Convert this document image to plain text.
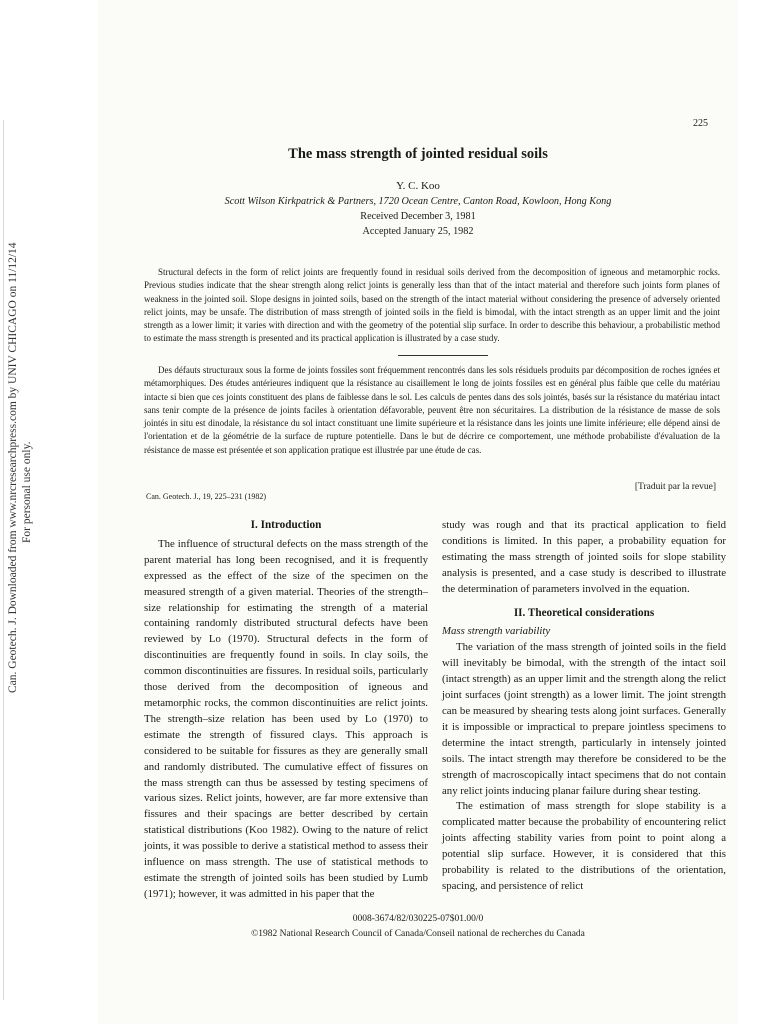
Can. Geotech. J. Downloaded from www.nrcresearchpress.com by UNIV CHICAGO on 11/12/14 For personal use only.
225
The mass strength of jointed residual soils
Y. C. Koo
Scott Wilson Kirkpatrick & Partners, 1720 Ocean Centre, Canton Road, Kowloon, Hong Kong
Received December 3, 1981
Accepted January 25, 1982

Structural defects in the form of relict joints are frequently found in residual soils derived from the decomposition of igneous and metamorphic rocks. Previous studies indicate that the shear strength along relict joints is generally less than that of the intact material and therefore such joints form planes of weakness in the jointed soil. Slope designs in jointed soils, based on the strength of the intact material without considering the presence of adversely oriented relict joints, may be unsafe. The distribution of mass strength of jointed soils in the field is bimodal, with the intact strength as an upper limit and the joint strength as a lower limit; it varies with direction and with the geometry of the potential slip surface. In order to describe this behaviour, a probabilistic method to estimate the mass strength is presented and its practical application is illustrated by a case study.

Des défauts structuraux sous la forme de joints fossiles sont fréquemment rencontrés dans les sols résiduels produits par décomposition de roches ignées et métamorphiques. Des études antérieures indiquent que la résistance au cisaillement le long de joints fossiles est en général plus faible que celle du matériau intacte si bien que ces joints constituent des plans de faiblesse dans le sol. Les calculs de pentes dans des sols jointés, basés sur la résistance du matériau intact sans tenir compte de la présence de joints faciles à orientation défavorable, peuvent être non sécuritaires. La distribution de la résistance de masse de sols jointés in situ est dinodale, la résistance du sol intact constituant une limite supérieure et la résistance dans les joints une limite inférieure; elle dépend ainsi de l'orientation et de la géométrie de la surface de rupture potentielle. Dans le but de décrire ce comportement, une méthode probabiliste d'évaluation de la résistance de masse est présentée et son application pratique est illustrée par une étude de cas.

[Traduit par la revue]
Can. Geotech. J., 19, 225–231 (1982)
I. Introduction

The influence of structural defects on the mass strength of the parent material has long been recognised, and it is frequently expressed as the effect of the size of the specimen on the measured strength of a given material. Theories of the strength–size relationship for estimating the strength of a material containing randomly distributed structural defects have been reviewed by Lo (1970). Structural defects in the form of discontinuities are frequently found in soils. In clay soils, the common discontinuities are fissures. In residual soils, particularly those derived from the decomposition of igneous and metamorphic rocks, the common discontinuities are relict joints. The strength–size relation has been used by Lo (1970) to estimate the strength of fissured clays. This approach is considered to be suitable for fissures as they are generally small and randomly distributed. The cumulative effect of fissures on the mass strength can thus be assessed by testing specimens of various sizes. Relict joints, however, are far more extensive than fissures and their spacings are better described by certain statistical distributions (Koo 1982). Owing to the nature of relict joints, it was possible to derive a statistical method to assess their influence on mass strength. The use of statistical methods to estimate the strength of jointed soils has been studied by Lumb (1971); however, it was admitted in his paper that the

study was rough and that its practical application to field conditions is limited. In this paper, a probability equation for estimating the mass strength of jointed soils for slope stability analysis is presented, and a case study is described to illustrate the determination of parameters involved in the equation.

II. Theoretical considerations
Mass strength variability

The variation of the mass strength of jointed soils in the field will inevitably be bimodal, with the strength of the intact soil (intact strength) as an upper limit and the strength along the relict joint surfaces (joint strength) as a lower limit. The joint strength can be measured by shearing tests along joint surfaces. Generally it is impossible or impractical to prepare jointless specimens to determine the intact strength, particularly in intensely jointed soils. The intact strength may therefore be considered to be the strength of macroscopically intact specimens that do not contain any relict joints inducing planar failure during shear testing.

The estimation of mass strength for slope stability is a complicated matter because the probability of encountering relict joints affecting stability varies from point to point along a potential slip surface. However, it is considered that this probability is related to the distributions of the orientation, spacing, and persistence of relict

0008-3674/82/030225-07$01.00/0
©1982 National Research Council of Canada/Conseil national de recherches du Canada
